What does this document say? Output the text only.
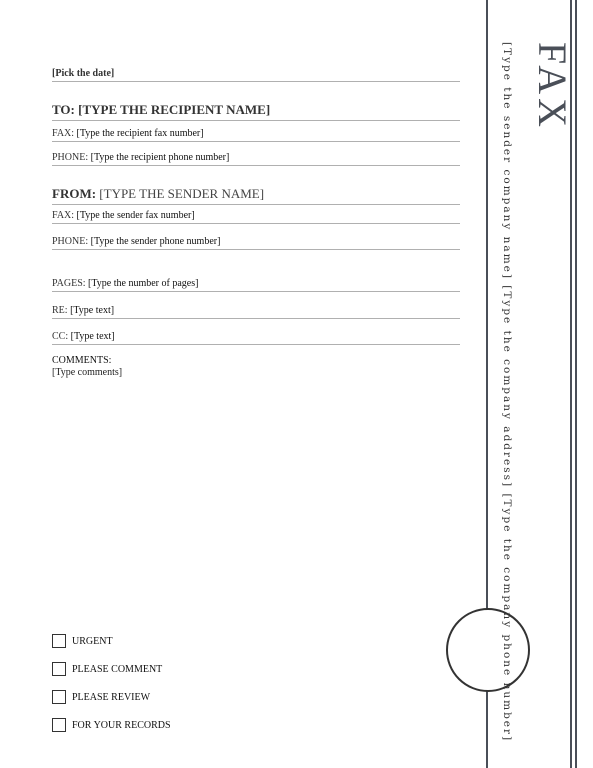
FAX
[Type the sender company name] [Type the company address] [Type the company phone number]
[Pick the date]
TO: [TYPE THE RECIPIENT NAME]
FAX: [Type the recipient fax number]
PHONE: [Type the recipient phone number]
FROM: [TYPE THE SENDER NAME]
FAX: [Type the sender fax number]
PHONE: [Type the sender phone number]
PAGES: [Type the number of pages]
RE: [Type text]
CC: [Type text]
COMMENTS:
[Type comments]
URGENT
PLEASE COMMENT
PLEASE REVIEW
FOR YOUR RECORDS
